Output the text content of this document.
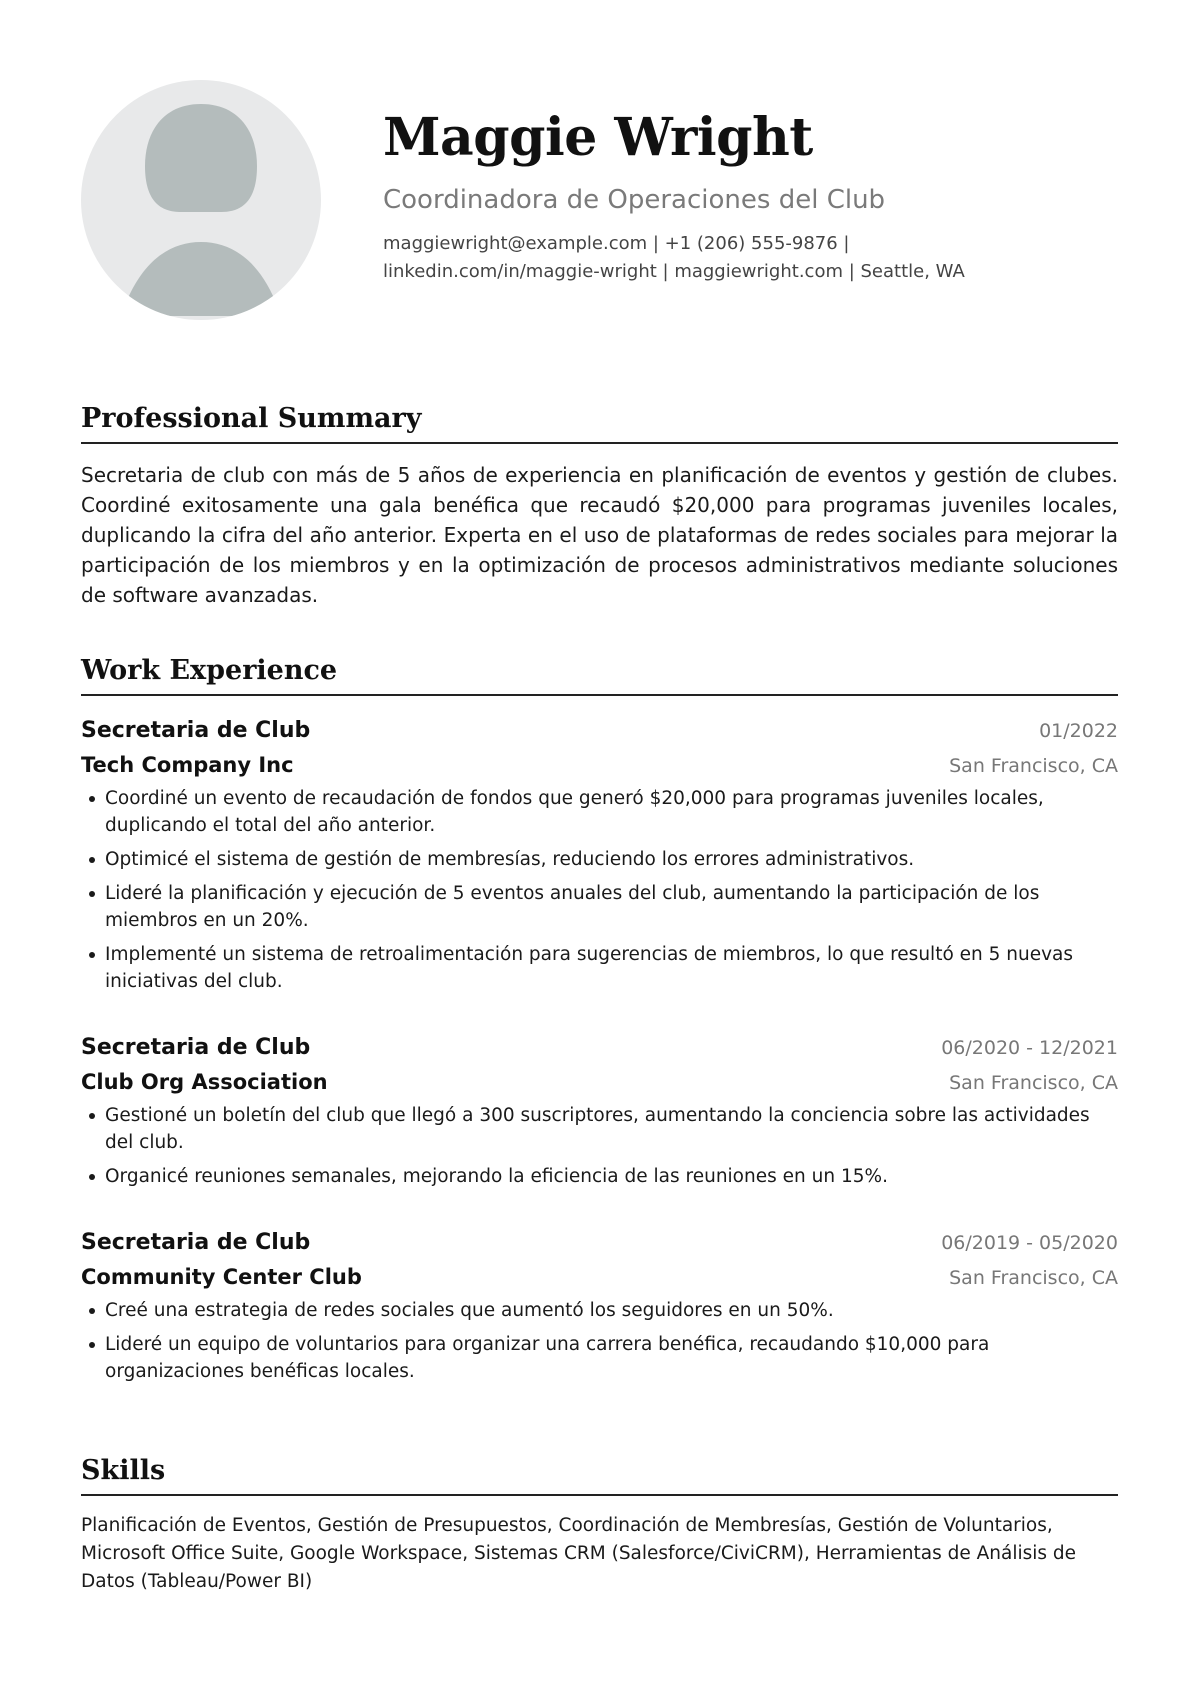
Maggie Wright
Coordinadora de Operaciones del Club
maggiewright@example.com | +1 (206) 555-9876 |
linkedin.com/in/maggie-wright | maggiewright.com | Seattle, WA
Professional Summary
Secretaria de club con más de 5 años de experiencia en planificación de eventos y gestión de clubes. Coordiné exitosamente una gala benéfica que recaudó $20,000 para programas juveniles locales, duplicando la cifra del año anterior. Experta en el uso de plataformas de redes sociales para mejorar la participación de los miembros y en la optimización de procesos administrativos mediante soluciones de software avanzadas.
Work Experience
Secretaria de Club	01/2022
Tech Company Inc	San Francisco, CA
Coordiné un evento de recaudación de fondos que generó $20,000 para programas juveniles locales, duplicando el total del año anterior.
Optimicé el sistema de gestión de membresías, reduciendo los errores administrativos.
Lideré la planificación y ejecución de 5 eventos anuales del club, aumentando la participación de los miembros en un 20%.
Implementé un sistema de retroalimentación para sugerencias de miembros, lo que resultó en 5 nuevas iniciativas del club.
Secretaria de Club	06/2020 - 12/2021
Club Org Association	San Francisco, CA
Gestioné un boletín del club que llegó a 300 suscriptores, aumentando la conciencia sobre las actividades del club.
Organicé reuniones semanales, mejorando la eficiencia de las reuniones en un 15%.
Secretaria de Club	06/2019 - 05/2020
Community Center Club	San Francisco, CA
Creé una estrategia de redes sociales que aumentó los seguidores en un 50%.
Lideré un equipo de voluntarios para organizar una carrera benéfica, recaudando $10,000 para organizaciones benéficas locales.
Skills
Planificación de Eventos, Gestión de Presupuestos, Coordinación de Membresías, Gestión de Voluntarios, Microsoft Office Suite, Google Workspace, Sistemas CRM (Salesforce/CiviCRM), Herramientas de Análisis de Datos (Tableau/Power BI)
